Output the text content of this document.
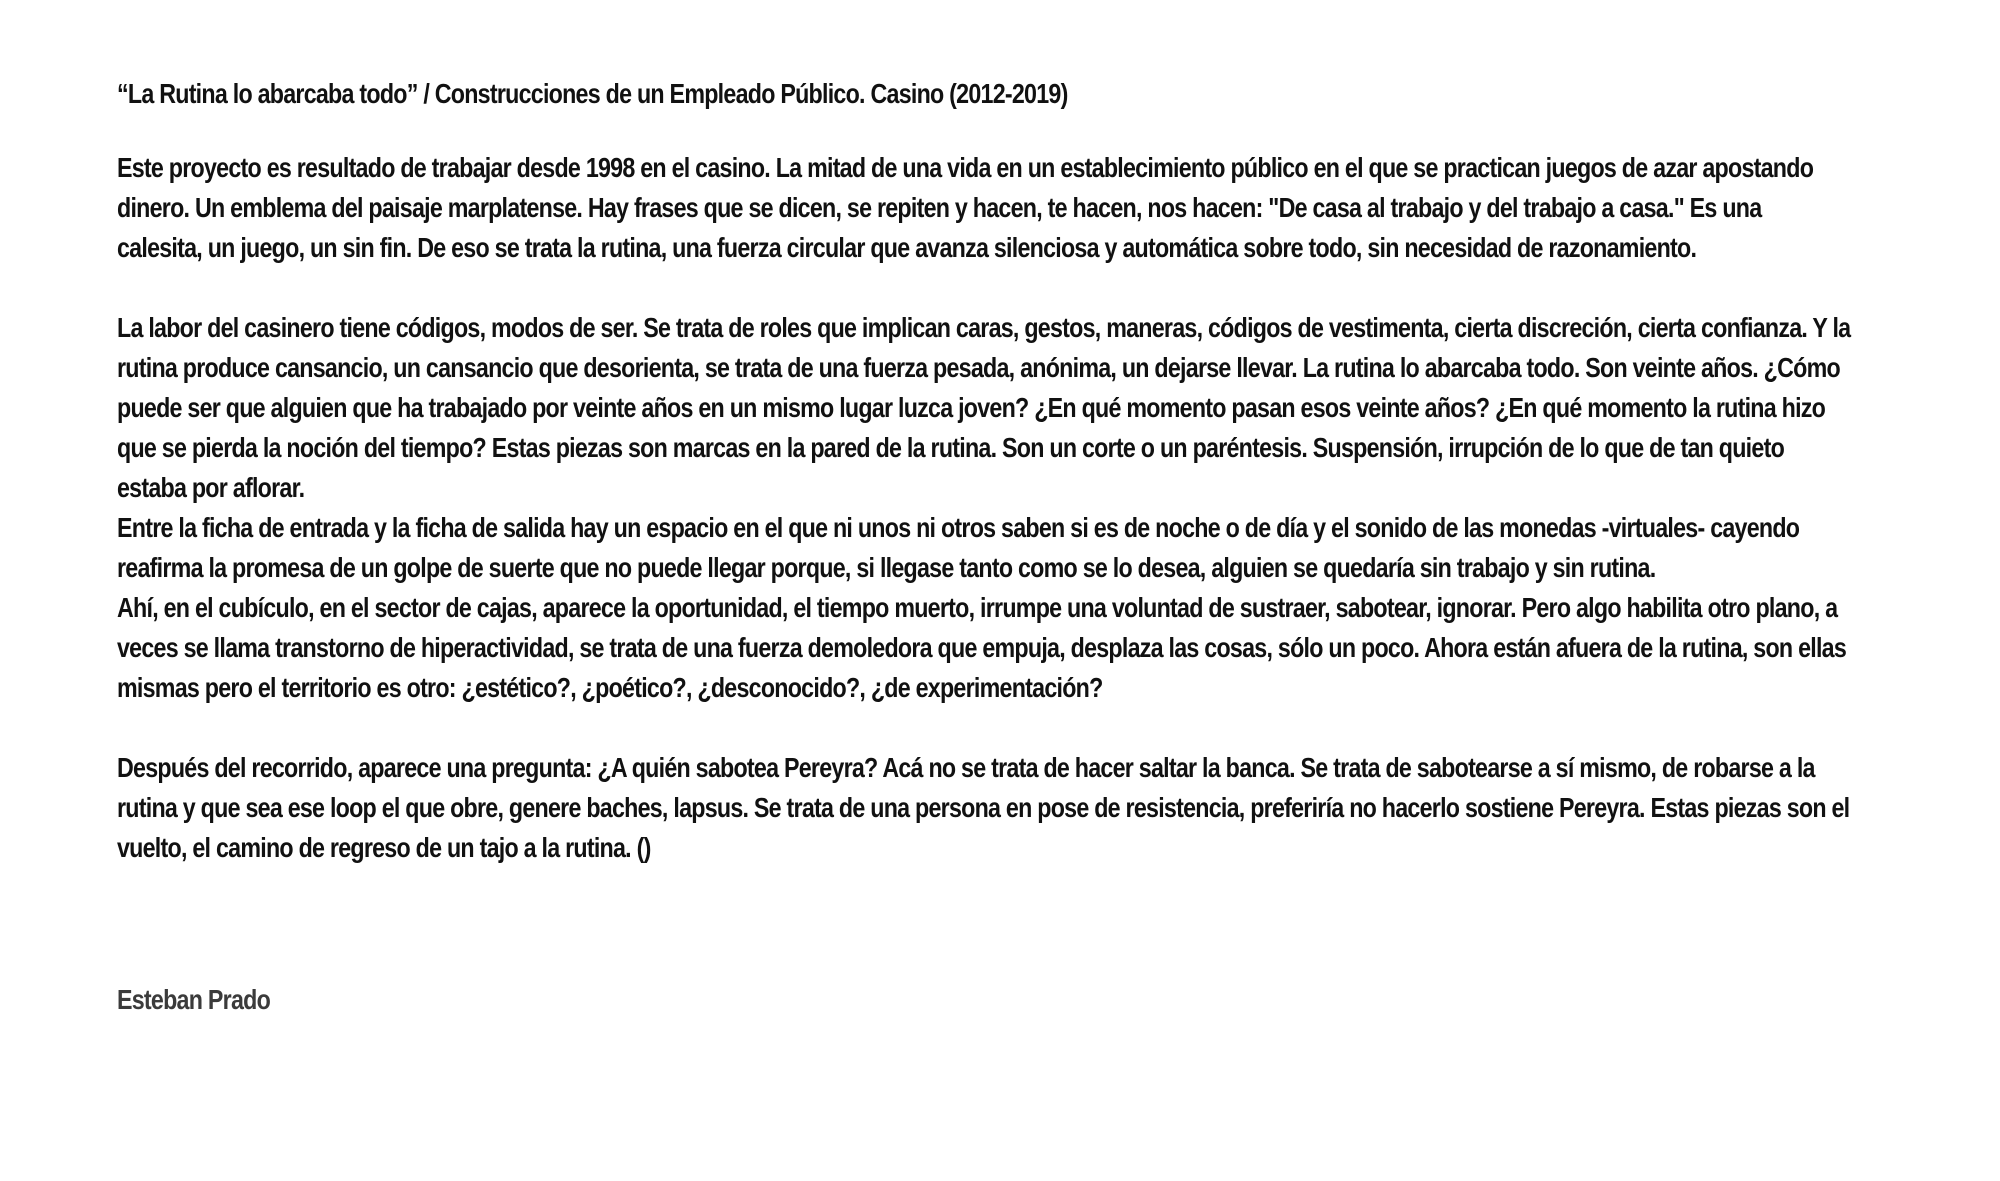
“La Rutina lo abarcaba todo” / Construcciones de un Empleado Público. Casino (2012-2019)

Este proyecto es resultado de trabajar desde 1998 en el casino. La mitad de una vida en un establecimiento público en el que se practican juegos de azar apostando dinero. Un emblema del paisaje marplatense. Hay frases que se dicen, se repiten y hacen, te hacen, nos hacen: "De casa al trabajo y del trabajo a casa." Es una calesita, un juego, un sin fin. De eso se trata la rutina, una fuerza circular que avanza silenciosa y automática sobre todo, sin necesidad de razonamiento.

La labor del casinero tiene códigos, modos de ser. Se trata de roles que implican caras, gestos, maneras, códigos de vestimenta, cierta discreción, cierta confianza. Y la rutina produce cansancio, un cansancio que desorienta, se trata de una fuerza pesada, anónima, un dejarse llevar. La rutina lo abarcaba todo. Son veinte años. ¿Cómo puede ser que alguien que ha trabajado por veinte años en un mismo lugar luzca joven? ¿En qué momento pasan esos veinte años? ¿En qué momento la rutina hizo que se pierda la noción del tiempo? Estas piezas son marcas en la pared de la rutina. Son un corte o un paréntesis. Suspensión, irrupción de lo que de tan quieto estaba por aflorar.

Entre la ficha de entrada y la ficha de salida hay un espacio en el que ni unos ni otros saben si es de noche o de día y el sonido de las monedas -virtuales- cayendo reafirma la promesa de un golpe de suerte que no puede llegar porque, si llegase tanto como se lo desea, alguien se quedaría sin trabajo y sin rutina.

Ahí, en el cubículo, en el sector de cajas, aparece la oportunidad, el tiempo muerto, irrumpe una voluntad de sustraer, sabotear, ignorar. Pero algo habilita otro plano, a veces se llama transtorno de hiperactividad, se trata de una fuerza demoledora que empuja, desplaza las cosas, sólo un poco. Ahora están afuera de la rutina, son ellas mismas pero el territorio es otro: ¿estético?, ¿poético?, ¿desconocido?, ¿de experimentación?

Después del recorrido, aparece una pregunta: ¿A quién sabotea Pereyra? Acá no se trata de hacer saltar la banca. Se trata de sabotearse a sí mismo, de robarse a la rutina y que sea ese loop el que obre, genere baches, lapsus. Se trata de una persona en pose de resistencia, preferiría no hacerlo sostiene Pereyra. Estas piezas son el vuelto, el camino de regreso de un tajo a la rutina. ()

Esteban Prado
